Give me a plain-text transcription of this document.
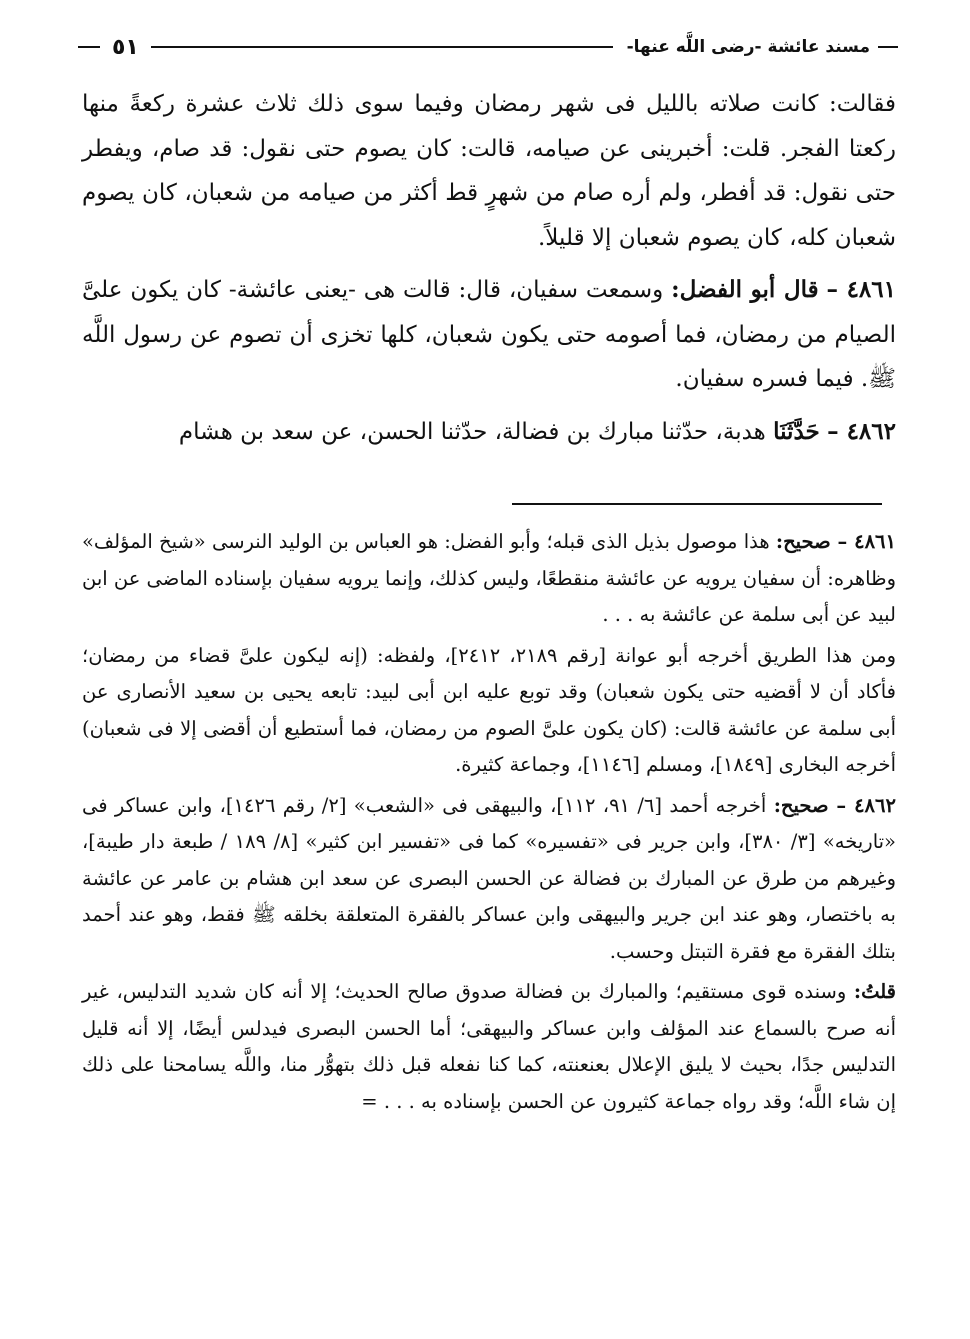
مسند عائشة -رضى اللَّه عنها-
٥١

فقالت: كانت صلاته بالليل فى شهر رمضان وفيما سوى ذلك ثلاث عشرة ركعةً منها ركعتا الفجر. قلت: أخبرينى عن صيامه، قالت: كان يصوم حتى نقول: قد صام، ويفطر حتى نقول: قد أفطر، ولم أره صام من شهرٍ قط أكثر من صيامه من شعبان، كان يصوم شعبان كله، كان يصوم شعبان إلا قليلاً.

٤٨٦١ – قال أبو الفضل: وسمعت سفيان، قال: قالت هى -يعنى عائشة- كان يكون علىَّ الصيام من رمضان، فما أصومه حتى يكون شعبان، كلها تخزى أن تصوم عن رسول اللَّه ﷺ. فيما فسره سفيان.

٤٨٦٢ – حَدَّثَنَا هدبة، حدّثنا مبارك بن فضالة، حدّثنا الحسن، عن سعد بن هشام

٤٨٦١ – صحيح: هذا موصول بذيل الذى قبله؛ وأبو الفضل: هو العباس بن الوليد النرسى «شيخ المؤلف» وظاهره: أن سفيان يرويه عن عائشة منقطعًا، وليس كذلك، وإنما يرويه سفيان بإسناده الماضى عن ابن لبيد عن أبى سلمة عن عائشة به . . .

ومن هذا الطريق أخرجه أبو عوانة [رقم ٢١٨٩، ٢٤١٢]، ولفظه: (إنه ليكون علىَّ قضاء من رمضان؛ فأكاد أن لا أقضيه حتى يكون شعبان) وقد توبع عليه ابن أبى لبيد: تابعه يحيى بن سعيد الأنصارى عن أبى سلمة عن عائشة قالت: (كان يكون علىَّ الصوم من رمضان، فما أستطيع أن أقضى إلا فى شعبان) أخرجه البخارى [١٨٤٩]، ومسلم [١١٤٦]، وجماعة كثيرة.

٤٨٦٢ – صحيح: أخرجه أحمد [٦/ ٩١، ١١٢]، والبيهقى فى «الشعب» [٢/ رقم ١٤٢٦]، وابن عساكر فى «تاريخه» [٣/ ٣٨٠]، وابن جرير فى «تفسيره» كما فى «تفسير ابن كثير» [٨/ ١٨٩ / طبعة دار طيبة]، وغيرهم من طرق عن المبارك بن فضالة عن الحسن البصرى عن سعد ابن هشام بن عامر عن عائشة به باختصار، وهو عند ابن جرير والبيهقى وابن عساكر بالفقرة المتعلقة بخلقه ﷺ فقط، وهو عند أحمد بتلك الفقرة مع فقرة التبتل وحسب.

قلتُ: وسنده قوى مستقيم؛ والمبارك بن فضالة صدوق صالح الحديث؛ إلا أنه كان شديد التدليس، غير أنه صرح بالسماع عند المؤلف وابن عساكر والبيهقى؛ أما الحسن البصرى فيدلس أيضًا، إلا أنه قليل التدليس جدًا، بحيث لا يليق الإعلال بعنعنته، كما كنا نفعله قبل ذلك بتهوُّر منا، واللَّه يسامحنا على ذلك إن شاء اللَّه؛ وقد رواه جماعة كثيرون عن الحسن بإسناده به . . . =
